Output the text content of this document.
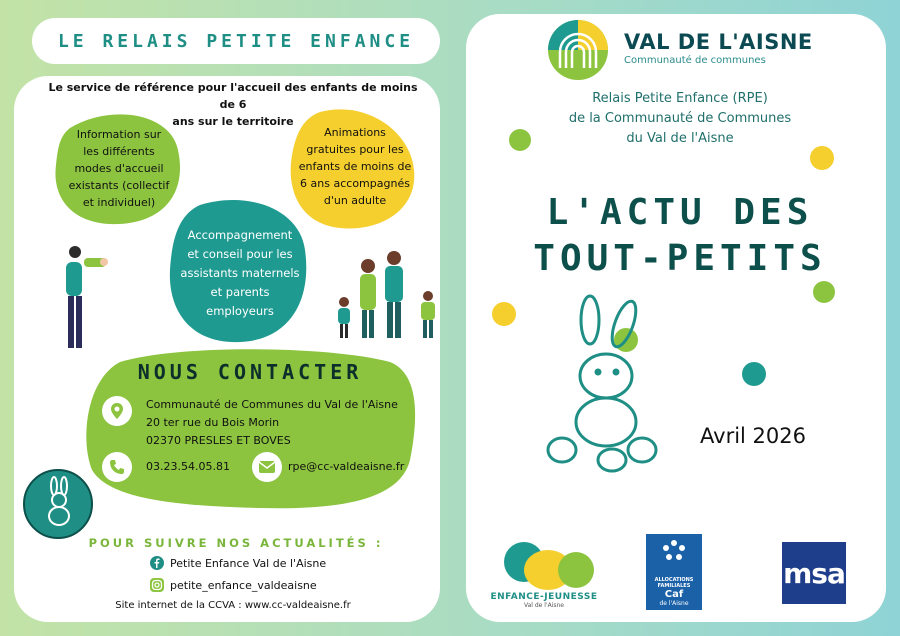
LE RELAIS PETITE ENFANCE
Le service de référence pour l'accueil des enfants de moins de 6
ans sur le territoire
Information sur
les différents
modes d'accueil
existants (collectif
et individuel)
Animations
gratuites pour les
enfants de moins de
6 ans accompagnés
d'un adulte
Accompagnement
et conseil pour les
assistants maternels
et parents
employeurs
NOUS CONTACTER
Communauté de Communes du Val de l'Aisne
20 ter rue du Bois Morin
02370 PRESLES ET BOVES
03.23.54.05.81	rpe@cc-valdeaisne.fr
POUR SUIVRE NOS ACTUALITÉS :
Petite Enfance Val de l'Aisne
petite_enfance_valdeaisne
Site internet de la CCVA : www.cc-valdeaisne.fr
VAL DE L'AISNE
Communauté de communes
Relais Petite Enfance (RPE)
de la Communauté de Communes
du Val de l'Aisne
L'ACTU DES
TOUT-PETITS
Avril 2026
ENFANCE-JEUNESSE
Val de l'Aisne
ALLOCATIONS
FAMILIALES
Caf
de l'Aisne
msa
